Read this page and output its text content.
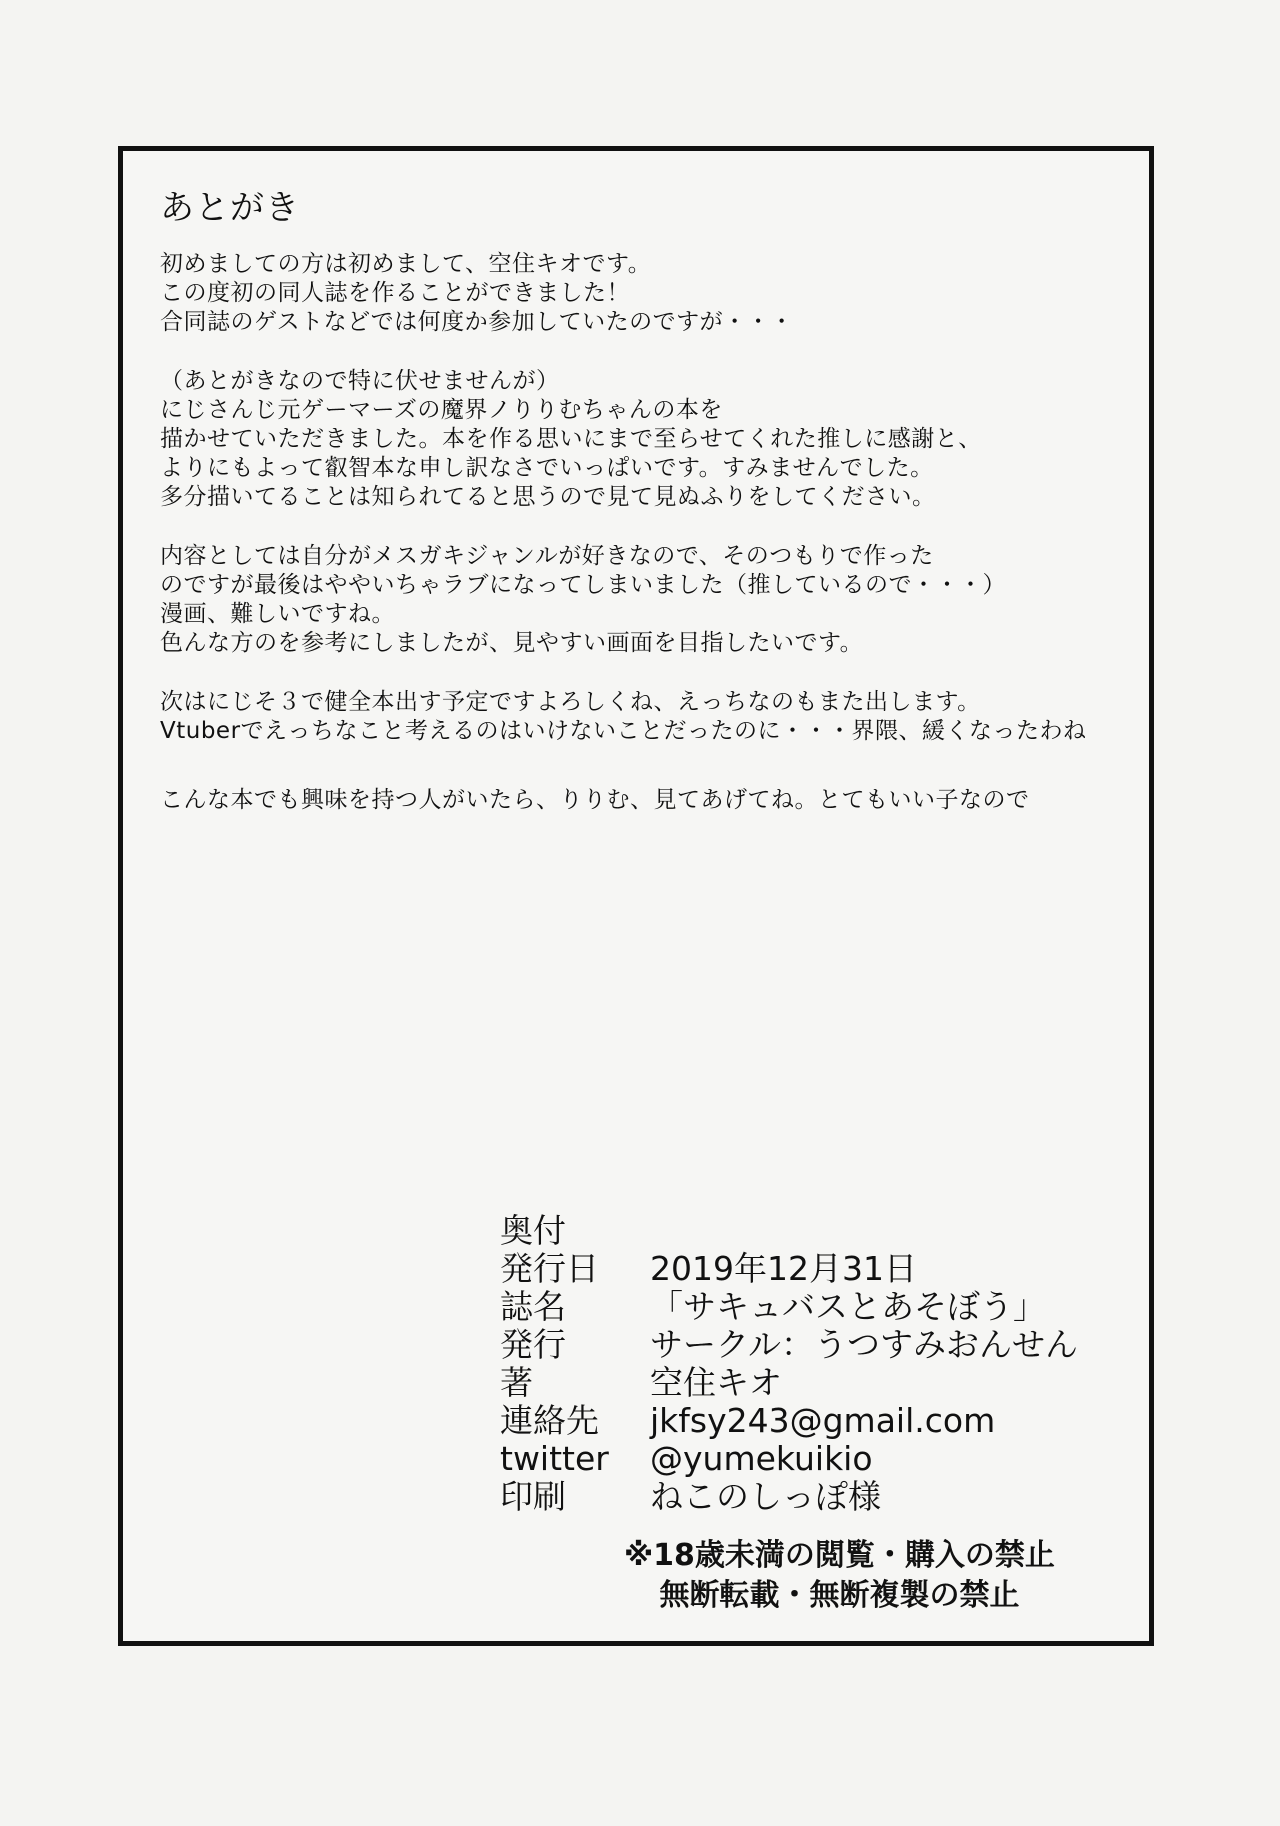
あとがき
初めましての方は初めまして、空住キオです。
この度初の同人誌を作ることができました！
合同誌のゲストなどでは何度か参加していたのですが・・・
（あとがきなので特に伏せませんが）
にじさんじ元ゲーマーズの魔界ノりりむちゃんの本を
描かせていただきました。本を作る思いにまで至らせてくれた推しに感謝と、
よりにもよって叡智本な申し訳なさでいっぱいです。すみませんでした。
多分描いてることは知られてると思うので見て見ぬふりをしてください。
内容としては自分がメスガキジャンルが好きなので、そのつもりで作った
のですが最後はややいちゃラブになってしまいました（推しているので・・・）
漫画、難しいですね。
色んな方のを参考にしましたが、見やすい画面を目指したいです。
次はにじそ３で健全本出す予定ですよろしくね、えっちなのもまた出します。
Vtuberでえっちなこと考えるのはいけないことだったのに・・・界隈、緩くなったわね
こんな本でも興味を持つ人がいたら、りりむ、見てあげてね。とてもいい子なので
奥付
発行日	2019年12月31日
誌名	「サキュバスとあそぼう」
発行	サークル：うつすみおんせん
著	空住キオ
連絡先	jkfsy243@gmail.com
twitter	@yumekuikio
印刷	ねこのしっぽ様
※18歳未満の閲覧・購入の禁止
無断転載・無断複製の禁止
